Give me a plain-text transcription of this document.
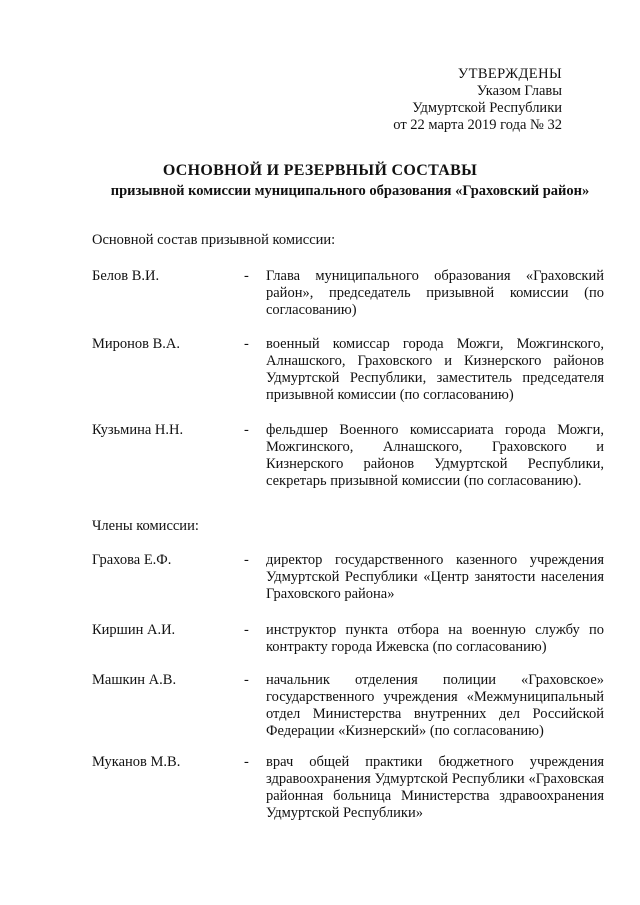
УТВЕРЖДЕНЫ
Указом Главы
Удмуртской Республики
от 22 марта 2019 года № 32
ОСНОВНОЙ И РЕЗЕРВНЫЙ СОСТАВЫ
призывной комиссии муниципального образования «Граховский район»
Основной состав призывной комиссии:
Белов В.И.	- Глава муниципального образования «Граховский район», председатель призывной комиссии (по согласованию)
Миронов В.А.	- военный комиссар города Можги, Можгинского, Алнашского, Граховского и Кизнерского районов Удмуртской Республики, заместитель председателя призывной комиссии (по согласованию)
Кузьмина Н.Н.	- фельдшер Военного комиссариата города Можги, Можгинского, Алнашского, Граховского и Кизнерского районов Удмуртской Республики, секретарь призывной комиссии (по согласованию).
Члены комиссии:
Грахова Е.Ф.	- директор государственного казенного учреждения Удмуртской Республики «Центр занятости населения Граховского района»
Киршин А.И.	- инструктор пункта отбора на военную службу по контракту города Ижевска (по согласованию)
Машкин А.В.	- начальник отделения полиции «Граховское» государственного учреждения «Межмуниципальный отдел Министерства внутренних дел Российской Федерации «Кизнерский» (по согласованию)
Муканов М.В.	- врач общей практики бюджетного учреждения здравоохранения Удмуртской Республики «Граховская районная больница Министерства здравоохранения Удмуртской Республики»
